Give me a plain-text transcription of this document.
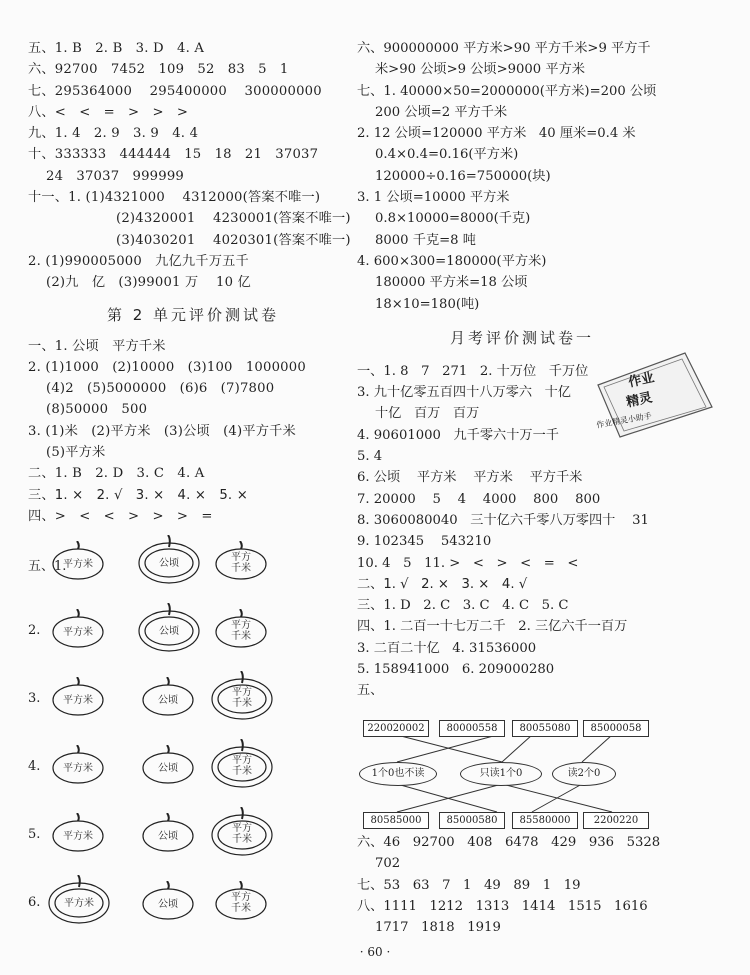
五、1. B   2. B   3. D   4. A
六、92700   7452   109   52   83   5   1
七、295364000    295400000    300000000
八、<   <   =   >   >   >
九、1. 4   2. 9   3. 9   4. 4
十、333333   444444   15   18   21   37037
24   37037   999999
十一、1. (1)4321000    4312000(答案不唯一)
(2)4320001    4230001(答案不唯一)
(3)4030201    4020301(答案不唯一)
2. (1)990005000   九亿九千万五千
(2)九   亿   (3)99001 万    10 亿
第 2 单元评价测试卷
一、1. 公顷   平方千米
2. (1)1000   (2)10000   (3)100   1000000
(4)2   (5)5000000   (6)6   (7)7800
(8)50000   500
3. (1)米   (2)平方米   (3)公顷   (4)平方千米
(5)平方米
二、1. B   2. D   3. C   4. A
三、1. ×   2. √   3. ×   4. ×   5. ×
四、>   <   <   >   >   >   =
五、1.
平方米	公顷
平方千米
2.	平方米	公顷
平方千米
3.	平方米	公顷
平方千米
4.	平方米	公顷
平方千米
5.	平方米	公顷
平方千米
6.	平方米	公顷
平方千米
六、900000000 平方米>90 平方千米>9 平方千
米>90 公顷>9 公顷>9000 平方米
七、1. 40000×50=2000000(平方米)=200 公顷
200 公顷=2 平方千米
2. 12 公顷=120000 平方米   40 厘米=0.4 米
0.4×0.4=0.16(平方米)
120000÷0.16=750000(块)
3. 1 公顷=10000 平方米
0.8×10000=8000(千克)
8000 千克=8 吨
4. 600×300=180000(平方米)
180000 平方米=18 公顷
18×10=180(吨)
月考评价测试卷一
一、1. 8   7   271   2. 十万位   千万位
3. 九十亿零五百四十八万零六   十亿
十亿   百万   百万
4. 90601000   九千零六十万一千
5. 4
6. 公顷    平方米    平方米    平方千米
7. 20000    5    4    4000    800    800
8. 3060080040   三十亿六千零八万零四十    31
9. 102345    543210
10. 4   5   11. >   <   >   <   =   <
二、1. √   2. ×   3. ×   4. √
三、1. D   2. C   3. C   4. C   5. C
四、1. 二百一十七万二千   2. 三亿六千一百万
3. 二百二十亿   4. 31536000
5. 158941000   6. 209000280
五、
作业
精灵
作业精灵小助手
220020002	80000558	80055080	85000058
1个0也不读	只读1个0	读2个0
80585000	85000580	85580000	2200220
六、46   92700   408   6478   429   936   5328
702
七、53   63   7   1   49   89   1   19
八、1111   1212   1313   1414   1515   1616
1717   1818   1919
· 60 ·
